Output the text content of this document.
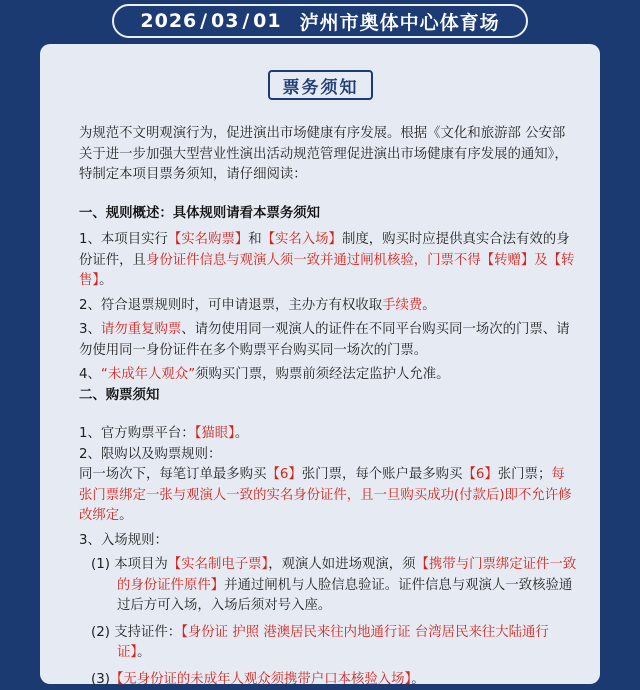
2026 / 03 / 01 泸州市奥体中心体育场
票务须知

为规范不文明观演行为，促进演出市场健康有序发展。根据《文化和旅游部 公安部关于进一步加强大型营业性演出活动规范管理促进演出市场健康有序发展的通知》，特制定本项目票务须知，请仔细阅读：

一、规则概述：具体规则请看本票务须知

1、本项目实行【实名购票】和【实名入场】制度，购买时应提供真实合法有效的身份证件，且身份证件信息与观演人须一致并通过闸机核验，门票不得【转赠】及【转售】。

2、符合退票规则时，可申请退票，主办方有权收取手续费。

3、请勿重复购票、请勿使用同一观演人的证件在不同平台购买同一场次的门票、请勿使用同一身份证件在多个购票平台购买同一场次的门票。

4、“未成年人观众”须购买门票，购票前须经法定监护人允准。

二、购票须知

1、官方购票平台：【猫眼】。

2、限购以及购票规则：

同一场次下，每笔订单最多购买【6】张门票，每个账户最多购买【6】张门票；每张门票绑定一张与观演人一致的实名身份证件，且一旦购买成功(付款后)即不允许修改绑定。

3、入场规则：

(1) 本项目为【实名制电子票】，观演人如进场观演，须【携带与门票绑定证件一致的身份证件原件】并通过闸机与人脸信息验证。证件信息与观演人一致核验通过后方可入场，入场后须对号入座。

(2) 支持证件：【身份证 护照 港澳居民来往内地通行证 台湾居民来往大陆通行证】。

(3)【无身份证的未成年人观众须携带户口本核验入场】。
